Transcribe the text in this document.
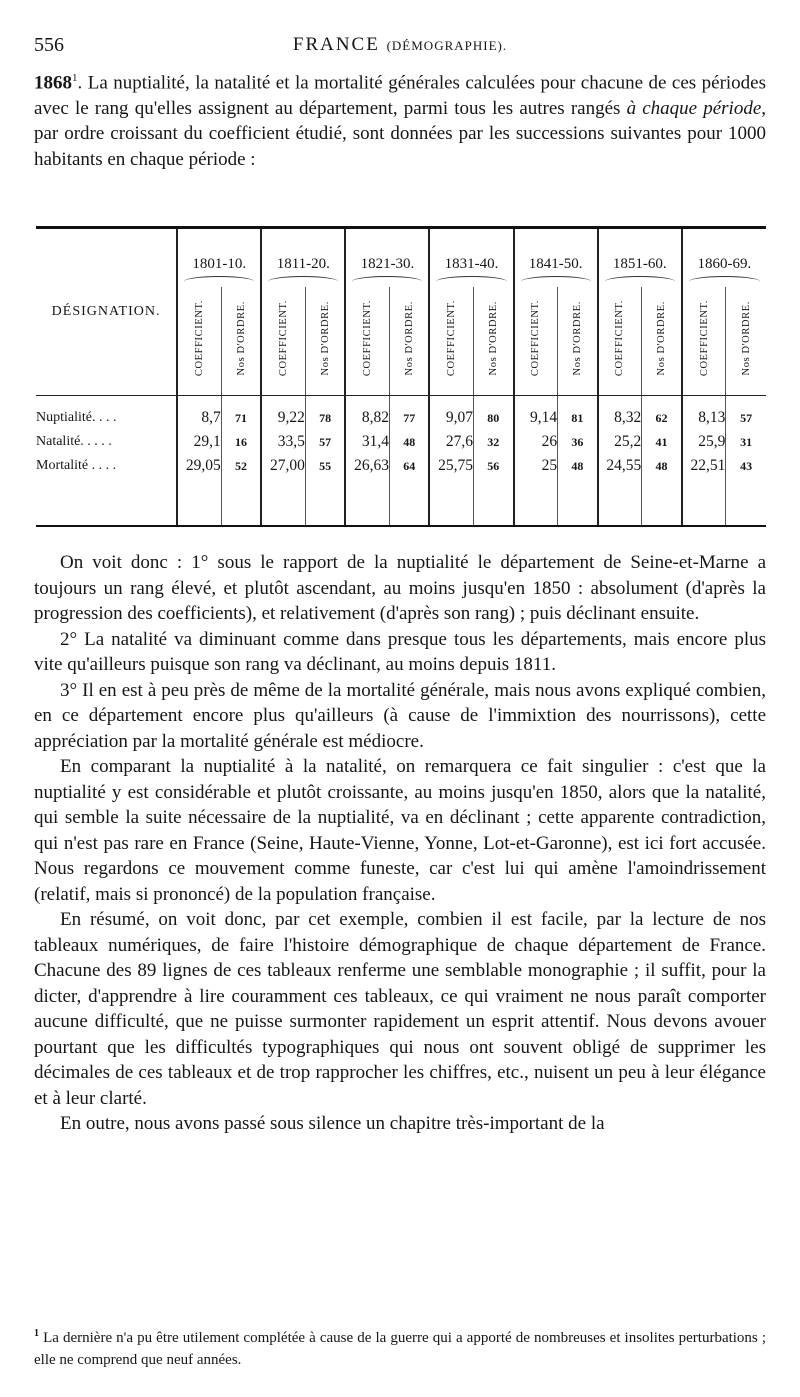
556	FRANCE (DÉMOGRAPHIE).

1868$^1$. La nuptialité, la natalité et la mortalité générales calculées pour chacune de ces périodes avec le rang qu'elles assignent au département, parmi tous les autres rangés à chaque période, par ordre croissant du coefficient étudié, sont données par les successions suivantes pour 1000 habitants en chaque période :

DÉSIGNATION.	1801-10.		1811-20.		1821-30.		1831-40.		1841-50.		1851-60.		1860-69.	

	COEFFICIENT.	Nos D'ORDRE.	COEFFICIENT.	Nos D'ORDRE.	COEFFICIENT.	Nos D'ORDRE.	COEFFICIENT.	Nos D'ORDRE.	COEFFICIENT.	Nos D'ORDRE.	COEFFICIENT.	Nos D'ORDRE.	COEFFICIENT.	Nos D'ORDRE.
Nuptialité. . . .	8,7	71	9,22	78	8,82	77	9,07	80	9,14	81	8,32	62	8,13	57
Natalité. . . . .	29,1	16	33,5	57	31,4	48	27,6	32	26	36	25,2	41	25,9	31
Mortalité . . . .	29,05	52	27,00	55	26,63	64	25,75	56	25	48	24,55	48	22,51	43

On voit donc : 1° sous le rapport de la nuptialité le département de Seine-et-Marne a toujours un rang élevé, et plutôt ascendant, au moins jusqu'en 1850 : absolument (d'après la progression des coefficients), et relativement (d'après son rang) ; puis déclinant ensuite.

2° La natalité va diminuant comme dans presque tous les départements, mais encore plus vite qu'ailleurs puisque son rang va déclinant, au moins depuis 1811.

3° Il en est à peu près de même de la mortalité générale, mais nous avons expliqué combien, en ce département encore plus qu'ailleurs (à cause de l'immixtion des nourrissons), cette appréciation par la mortalité générale est médiocre.

En comparant la nuptialité à la natalité, on remarquera ce fait singulier : c'est que la nuptialité y est considérable et plutôt croissante, au moins jusqu'en 1850, alors que la natalité, qui semble la suite nécessaire de la nuptialité, va en déclinant ; cette apparente contradiction, qui n'est pas rare en France (Seine, Haute-Vienne, Yonne, Lot-et-Garonne), est ici fort accusée. Nous regardons ce mouvement comme funeste, car c'est lui qui amène l'amoindrissement (relatif, mais si prononcé) de la population française.

En résumé, on voit donc, par cet exemple, combien il est facile, par la lecture de nos tableaux numériques, de faire l'histoire démographique de chaque département de France. Chacune des 89 lignes de ces tableaux renferme une semblable monographie ; il suffit, pour la dicter, d'apprendre à lire couramment ces tableaux, ce qui vraiment ne nous paraît comporter aucune difficulté, que ne puisse surmonter rapidement un esprit attentif. Nous devons avouer pourtant que les difficultés typographiques qui nous ont souvent obligé de supprimer les décimales de ces tableaux et de trop rapprocher les chiffres, etc., nuisent un peu à leur élégance et à leur clarté.

En outre, nous avons passé sous silence un chapitre très-important de la

$^1$ La dernière n'a pu être utilement complétée à cause de la guerre qui a apporté de nombreuses et insolites perturbations ; elle ne comprend que neuf années.
